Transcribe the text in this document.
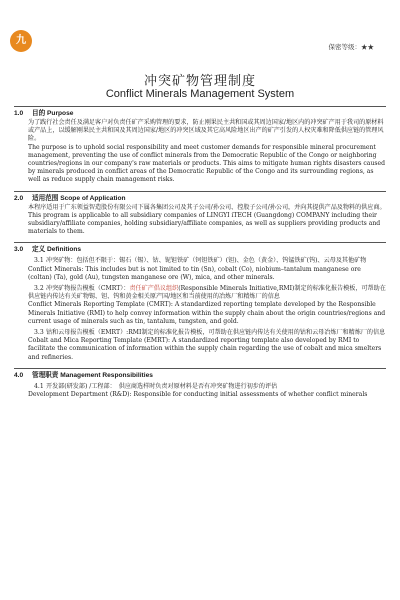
九
保密等级：★★
冲突矿物管理制度
Conflict Minerals Management System
1.0 目的 Purpose

为了践行社会责任及满足客户对负责任矿产采购管理的要求，防止刚果民主共和国或其周边国家/地区内的冲突矿产用于我司的原材料或产品上，以缓解刚果民主共和国及其周边国家/地区的冲突区域及其它高风险地区出产的矿产引发的人权灾难和降低供应链的管理风险。

The purpose is to uphold social responsibility and meet customer demands for responsible mineral procurement management, preventing the use of conflict minerals from the Democratic Republic of the Congo or neighboring countries/regions in our company's raw materials or products. This aims to mitigate human rights disasters caused by minerals produced in conflict areas of the Democratic Republic of the Congo and its surrounding regions, as well as reduce supply chain management risks.

2.0 适用范围 Scope of Application

本程序适用于广东领益智造股份有限公司下属各集团公司及其子公司/孙公司、控股子公司/孙公司，并向其提供产品及物料的供应商。

This program is applicable to all subsidiary companies of LINGYI iTECH (Guangdong) COMPANY including their subsidiary/affiliate companies, holding subsidiary/affiliate companies, as well as suppliers providing products and materials to them.

3.0 定义 Definitions
3.1 冲突矿物：包括但不限于：锡石（锡）、钴、铌钽铁矿（钶钽铁矿）(钽)、金色（黄金）、钨锰铁矿(钨)、云母及其他矿物
Conflict Minerals: This includes but is not limited to tin (Sn), cobalt (Co), niobium–tantalum manganese ore (coltan) (Ta), gold (Au), tungsten manganese ore (W), mica, and other minerals.
3.2 冲突矿物报告模板（CMRT）：责任矿产倡议组织(Responsible Minerals Initiative,RMI)制定的标准化报告模板，可帮助在供应链内传达有关矿物锡、钽、钨和黄金相关原产国/地区和当前使用的冶炼厂和精炼厂的信息
Conflict Minerals Reporting Template (CMRT): A standardized reporting template developed by the Responsible Minerals Initiative (RMI) to help convey information within the supply chain about the origin countries/regions and current usage of minerals such as tin, tantalum, tungsten, and gold.
3.3 钴和云母报告模板（EMRT）:RMI制定的标准化报告模板，可帮助在供应链内传达有关使用的钴和云母冶炼厂和精炼厂的信息
Cobalt and Mica Reporting Template (EMRT): A standardized reporting template also developed by RMI to facilitate the communication of information within the supply chain regarding the use of cobalt and mica smelters and refineries.
4.0 管理职责 Management Responsibilities
4.1 开发部(研发部) /工程部：　供应商选样时负责对原材料是否有冲突矿物进行初步的评估
Development Department (R&D): Responsible for conducting initial assessments of whether conflict minerals
